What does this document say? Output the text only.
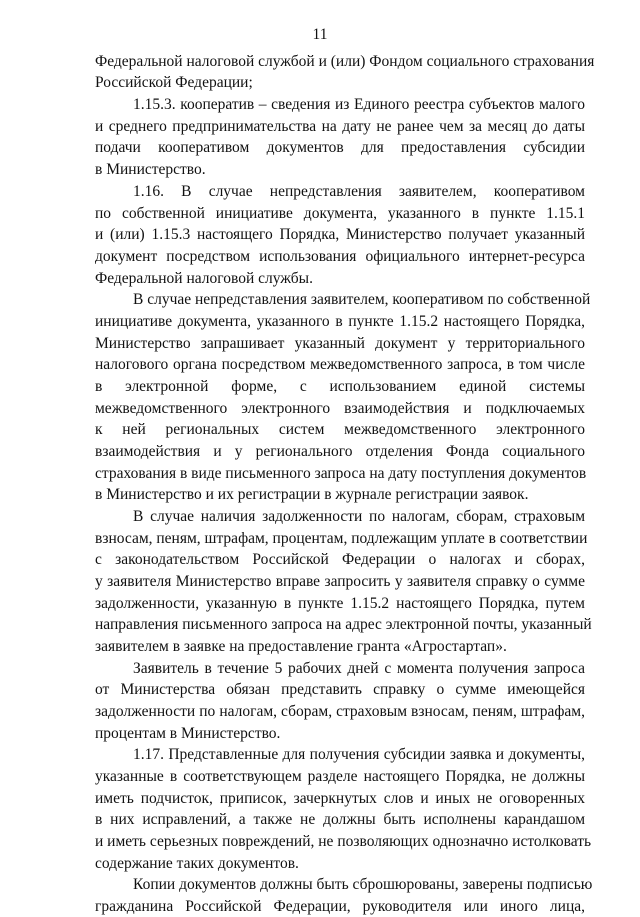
11
Федеральной налоговой службой и (или) Фондом социального страхования
Российской Федерации;
1.15.3. кооператив – сведения из Единого реестра субъектов малого
и среднего предпринимательства на дату не ранее чем за месяц до даты
подачи кооперативом документов для предоставления субсидии
в Министерство.
1.16. В случае непредставления заявителем, кооперативом
по собственной инициативе документа, указанного в пункте 1.15.1
и (или) 1.15.3 настоящего Порядка, Министерство получает указанный
документ посредством использования официального интернет-ресурса
Федеральной налоговой службы.
В случае непредставления заявителем, кооперативом по собственной
инициативе документа, указанного в пункте 1.15.2 настоящего Порядка,
Министерство запрашивает указанный документ у территориального
налогового органа посредством межведомственного запроса, в том числе
в электронной форме, с использованием единой системы
межведомственного электронного взаимодействия и подключаемых
к ней региональных систем межведомственного электронного
взаимодействия и у регионального отделения Фонда социального
страхования в виде письменного запроса на дату поступления документов
в Министерство и их регистрации в журнале регистрации заявок.
В случае наличия задолженности по налогам, сборам, страховым
взносам, пеням, штрафам, процентам, подлежащим уплате в соответствии
с законодательством Российской Федерации о налогах и сборах,
у заявителя Министерство вправе запросить у заявителя справку о сумме
задолженности, указанную в пункте 1.15.2 настоящего Порядка, путем
направления письменного запроса на адрес электронной почты, указанный
заявителем в заявке на предоставление гранта «Агростартап».
Заявитель в течение 5 рабочих дней с момента получения запроса
от Министерства обязан представить справку о сумме имеющейся
задолженности по налогам, сборам, страховым взносам, пеням, штрафам,
процентам в Министерство.
1.17. Представленные для получения субсидии заявка и документы,
указанные в соответствующем разделе настоящего Порядка, не должны
иметь подчисток, приписок, зачеркнутых слов и иных не оговоренных
в них исправлений, а также не должны быть исполнены карандашом
и иметь серьезных повреждений, не позволяющих однозначно истолковать
содержание таких документов.
Копии документов должны быть сброшюрованы, заверены подписью
гражданина Российской Федерации, руководителя или иного лица,
